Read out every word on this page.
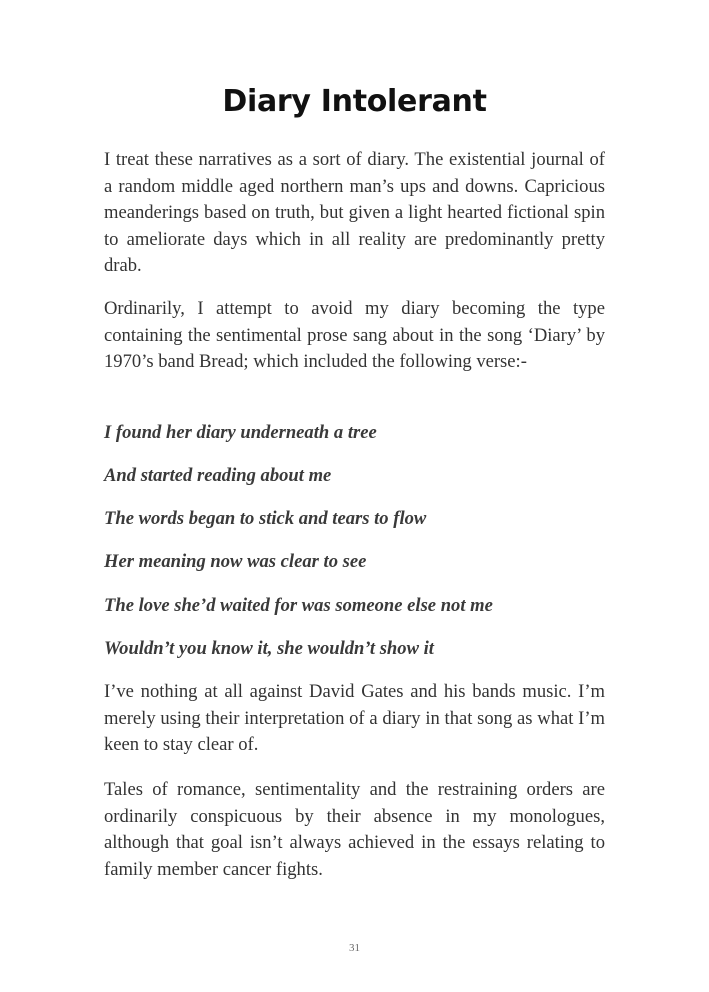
Diary Intolerant

I treat these narratives as a sort of diary. The existential journal of a random middle aged northern man’s ups and downs. Capricious meanderings based on truth, but given a light hearted fictional spin to ameliorate days which in all reality are predominantly pretty drab.

Ordinarily, I attempt to avoid my diary becoming the type containing the sentimental prose sang about in the song ‘Diary’ by 1970’s band Bread; which included the following verse:-

I found her diary underneath a tree

And started reading about me

The words began to stick and tears to flow

Her meaning now was clear to see

The love she’d waited for was someone else not me

Wouldn’t you know it, she wouldn’t show it

I’ve nothing at all against David Gates and his bands music. I’m merely using their interpretation of a diary in that song as what I’m keen to stay clear of.

Tales of romance, sentimentality and the restraining orders are ordinarily conspicuous by their absence in my monologues, although that goal isn’t always achieved in the essays relating to family member cancer fights.

31
